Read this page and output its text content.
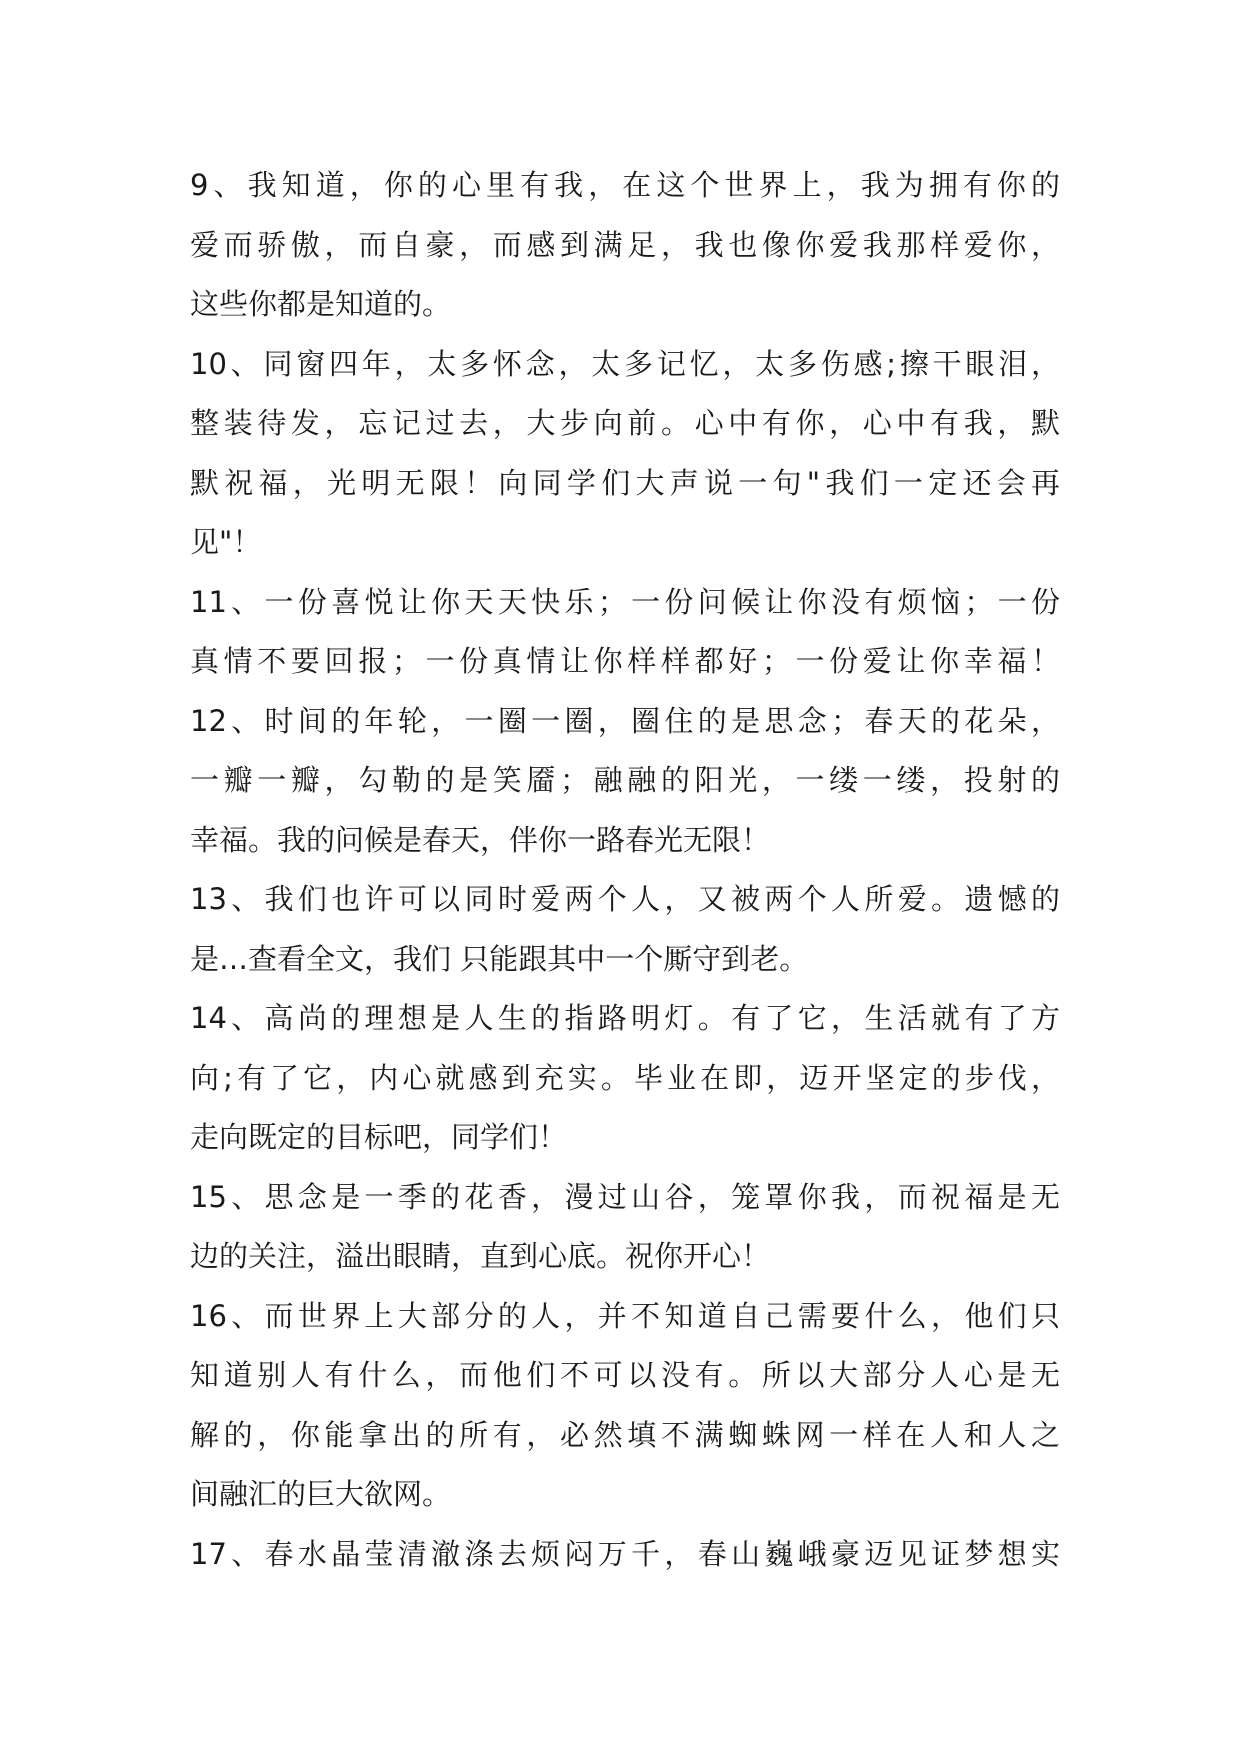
9、我知道，你的心里有我，在这个世界上，我为拥有你的
爱而骄傲，而自豪，而感到满足，我也像你爱我那样爱你，
这些你都是知道的。
10、同窗四年，太多怀念，太多记忆，太多伤感;擦干眼泪，
整装待发，忘记过去，大步向前。心中有你，心中有我，默
默祝福，光明无限！向同学们大声说一句"我们一定还会再
见"！
11、一份喜悦让你天天快乐；一份问候让你没有烦恼；一份
真情不要回报；一份真情让你样样都好；一份爱让你幸福！
12、时间的年轮，一圈一圈，圈住的是思念；春天的花朵，
一瓣一瓣，勾勒的是笑靥；融融的阳光，一缕一缕，投射的
幸福。我的问候是春天，伴你一路春光无限！
13、我们也许可以同时爱两个人，又被两个人所爱。遗憾的
是…查看全文，我们 只能跟其中一个厮守到老。
14、高尚的理想是人生的指路明灯。有了它，生活就有了方
向;有了它，内心就感到充实。毕业在即，迈开坚定的步伐，
走向既定的目标吧，同学们！
15、思念是一季的花香，漫过山谷，笼罩你我，而祝福是无
边的关注，溢出眼睛，直到心底。祝你开心！
16、而世界上大部分的人，并不知道自己需要什么，他们只
知道别人有什么，而他们不可以没有。所以大部分人心是无
解的，你能拿出的所有，必然填不满蜘蛛网一样在人和人之
间融汇的巨大欲网。
17、春水晶莹清澈涤去烦闷万千，春山巍峨豪迈见证梦想实
